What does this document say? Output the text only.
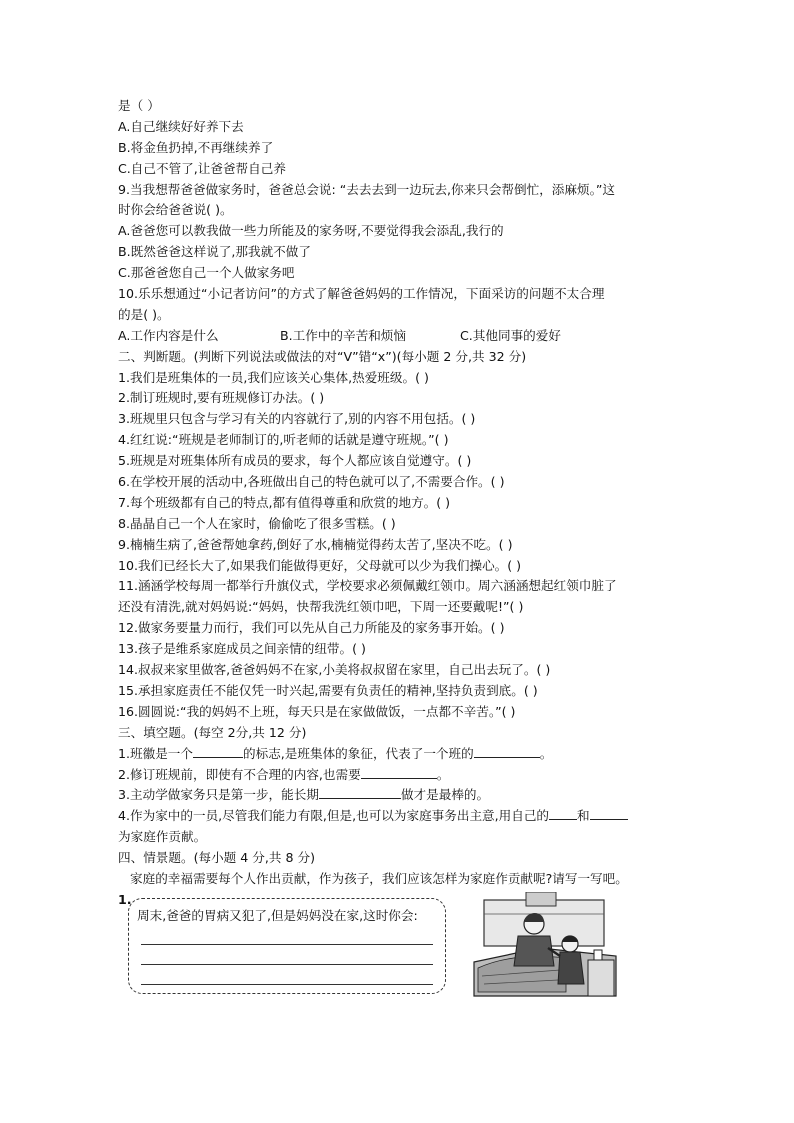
是（ ）
A.自己继续好好养下去
B.将金鱼扔掉,不再继续养了
C.自己不管了,让爸爸帮自己养
9.当我想帮爸爸做家务时，爸爸总会说: “去去去到一边玩去,你来只会帮倒忙，添麻烦。”这
时你会给爸爸说( )。
A.爸爸您可以教我做一些力所能及的家务呀,不要觉得我会添乱,我行的
B.既然爸爸这样说了,那我就不做了
C.那爸爸您自己一个人做家务吧
10.乐乐想通过“小记者访问”的方式了解爸爸妈妈的工作情况，下面采访的问题不太合理
的是( )。
A.工作内容是什么	B.工作中的辛苦和烦恼	C.其他同事的爱好
二、判断题。(判断下列说法或做法的对“V”错“x”)(每小题 2 分,共 32 分)
1.我们是班集体的一员,我们应该关心集体,热爱班级。( )
2.制订班规时,要有班规修订办法。( )
3.班规里只包含与学习有关的内容就行了,别的内容不用包括。( )
4.红红说:“班规是老师制订的,听老师的话就是遵守班规。”( )
5.班规是对班集体所有成员的要求，每个人都应该自觉遵守。( )
6.在学校开展的活动中,各班做出自己的特色就可以了,不需要合作。( )
7.每个班级都有自己的特点,都有值得尊重和欣赏的地方。( )
8.晶晶自己一个人在家时，偷偷吃了很多雪糕。( )
9.楠楠生病了,爸爸帮她拿药,倒好了水,楠楠觉得药太苦了,坚决不吃。( )
10.我们已经长大了,如果我们能做得更好，父母就可以少为我们操心。( )
11.涵涵学校每周一都举行升旗仪式，学校要求必须佩戴红领巾。周六涵涵想起红领巾脏了
还没有清洗,就对妈妈说:“妈妈，快帮我洗红领巾吧，下周一还要戴呢!”( )
12.做家务要量力而行，我们可以先从自己力所能及的家务事开始。( )
13.孩子是维系家庭成员之间亲情的纽带。( )
14.叔叔来家里做客,爸爸妈妈不在家,小美将叔叔留在家里，自己出去玩了。( )
15.承担家庭责任不能仅凭一时兴起,需要有负责任的精神,坚持负责到底。( )
16.圆圆说:“我的妈妈不上班，每天只是在家做做饭，一点都不辛苦。”( )
三、填空题。(每空 2分,共 12 分)
1.班徽是一个	的标志,是班集体的象征，代表了一个班的	。
2.修订班规前，即使有不合理的内容,也需要	。
3.主动学做家务只是第一步，能长期	做才是最棒的。
4.作为家中的一员,尽管我们能力有限,但是,也可以为家庭事务出主意,用自己的 和
为家庭作贡献。
四、情景题。(每小题 4 分,共 8 分)
家庭的幸福需要每个人作出贡献，作为孩子，我们应该怎样为家庭作贡献呢?请写一写吧。
1.
周末,爸爸的胃病又犯了,但是妈妈没在家,这时你会:
